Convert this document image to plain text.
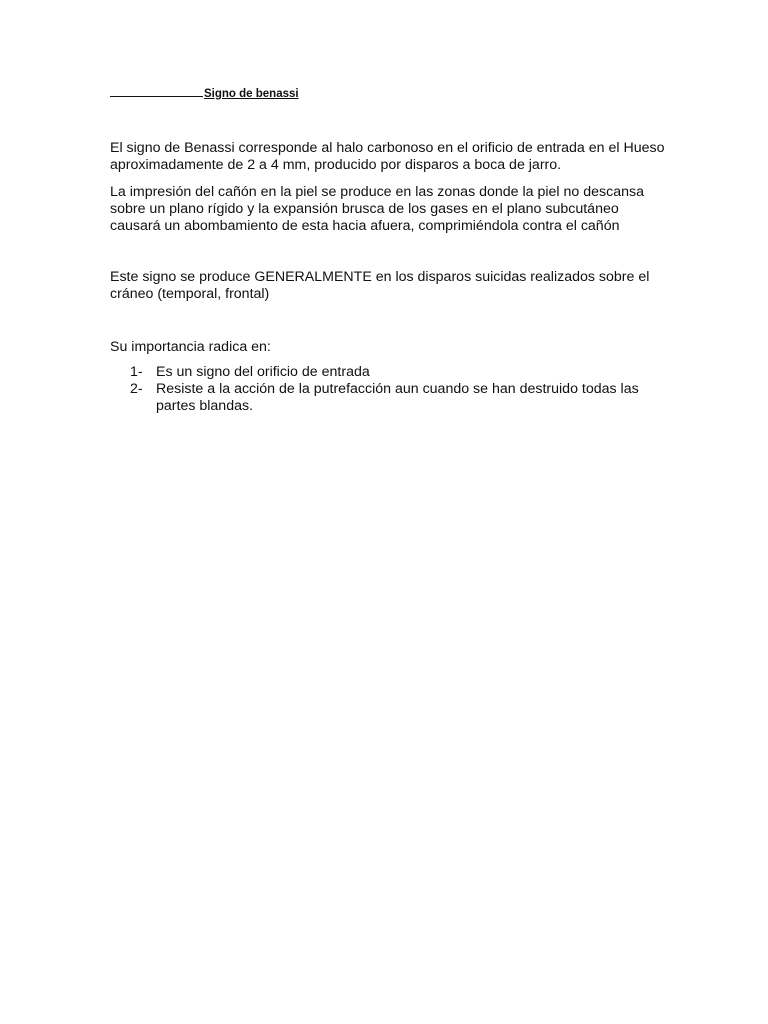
Signo de benassi

El signo de Benassi corresponde al halo carbonoso en el orificio de entrada en el Hueso aproximadamente de 2 a 4 mm, producido por disparos a boca de jarro.

La impresión del cañón en la piel se produce en las zonas donde la piel no descansa sobre un plano rígido y la expansión brusca de los gases en el plano subcutáneo causará un abombamiento de esta hacia afuera, comprimiéndola contra el cañón

Este signo se produce GENERALMENTE en los disparos suicidas realizados sobre el cráneo (temporal, frontal)

Su importancia radica en:

1- Es un signo del orificio de entrada
2- Resiste a la acción de la putrefacción aun cuando se han destruido todas las partes blandas.
